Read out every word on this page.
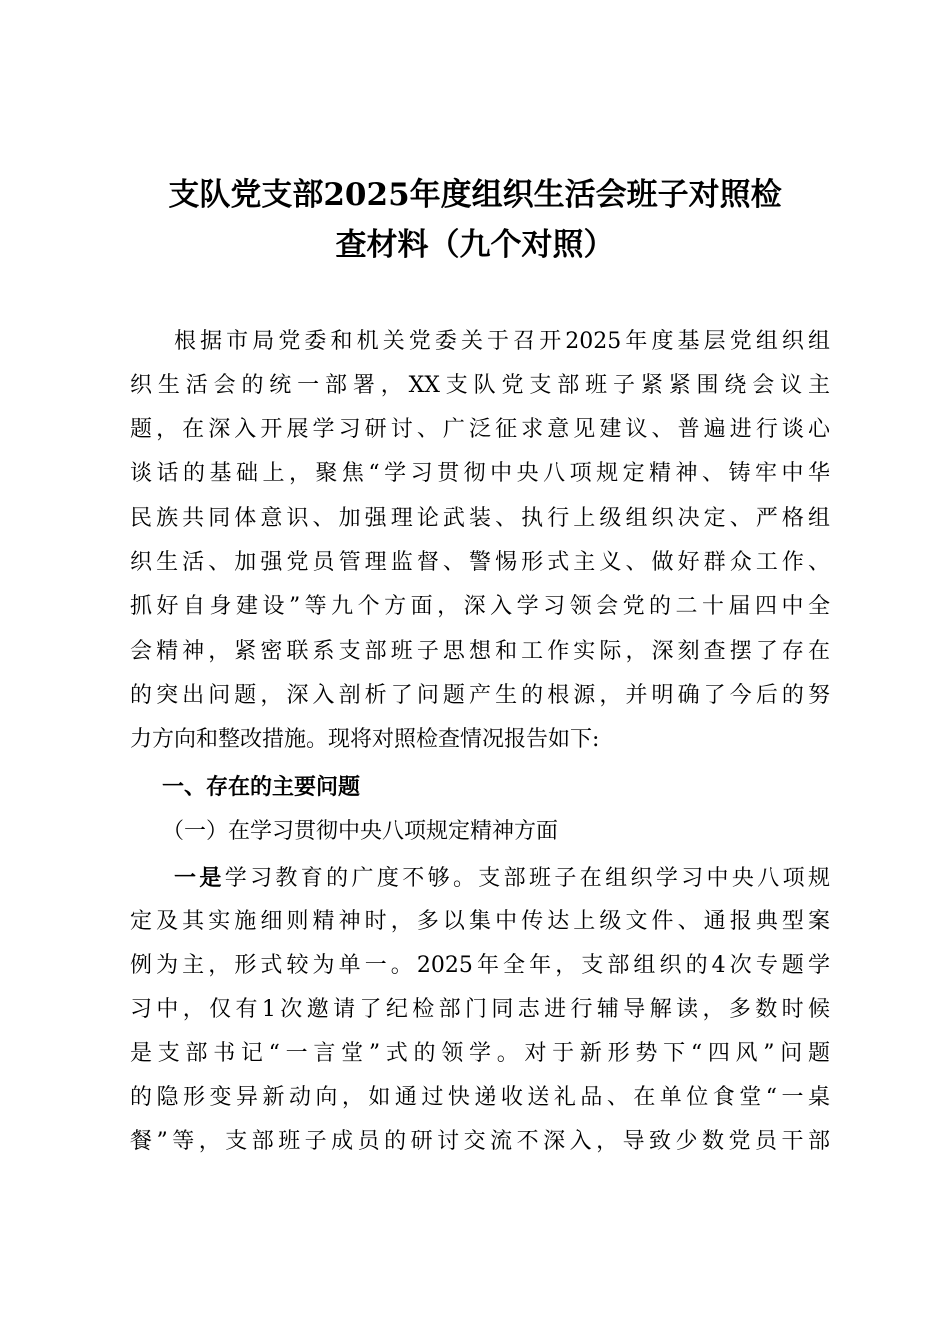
支队党支部2025年度组织生活会班子对照检
查材料（九个对照）
根据市局党委和机关党委关于召开2025年度基层党组织组
织生活会的统一部署，XX支队党支部班子紧紧围绕会议主
题，在深入开展学习研讨、广泛征求意见建议、普遍进行谈心
谈话的基础上，聚焦“学习贯彻中央八项规定精神、铸牢中华
民族共同体意识、加强理论武装、执行上级组织决定、严格组
织生活、加强党员管理监督、警惕形式主义、做好群众工作、
抓好自身建设”等九个方面，深入学习领会党的二十届四中全
会精神，紧密联系支部班子思想和工作实际，深刻查摆了存在
的突出问题，深入剖析了问题产生的根源，并明确了今后的努
力方向和整改措施。现将对照检查情况报告如下:
一、存在的主要问题
（一）在学习贯彻中央八项规定精神方面
一是学习教育的广度不够。支部班子在组织学习中央八项规
定及其实施细则精神时，多以集中传达上级文件、通报典型案
例为主，形式较为单一。2025年全年，支部组织的4次专题学
习中，仅有1次邀请了纪检部门同志进行辅导解读，多数时候
是支部书记“一言堂”式的领学。对于新形势下“四风”问题
的隐形变异新动向，如通过快递收送礼品、在单位食堂“一桌
餐”等，支部班子成员的研讨交流不深入，导致少数党员干部
